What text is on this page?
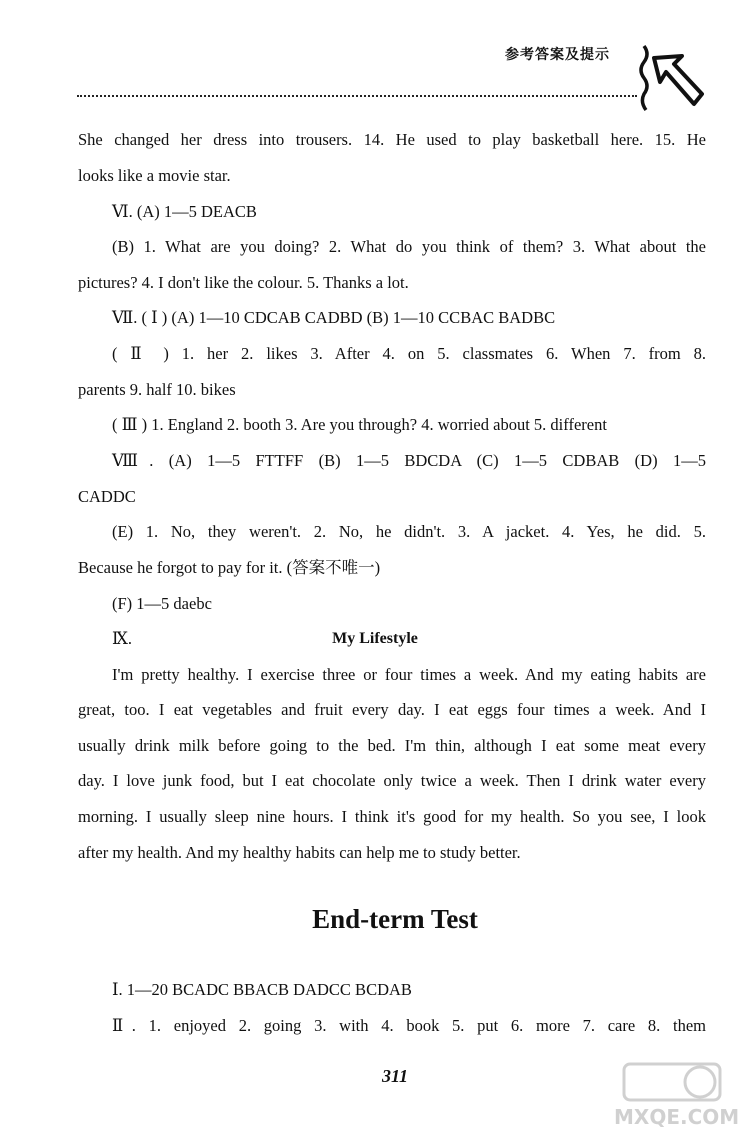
参考答案及提示
She changed her dress into trousers. 14. He used to play basketball here. 15. He
looks like a movie star.
Ⅵ. (A) 1—5 DEACB
(B) 1. What are you doing? 2. What do you think of them? 3. What about the
pictures? 4. I don't like the colour. 5. Thanks a lot.
Ⅶ. ( Ⅰ ) (A) 1—10 CDCAB CADBD (B) 1—10 CCBAC BADBC
( Ⅱ ) 1. her 2. likes 3. After 4. on 5. classmates 6. When 7. from 8.
parents 9. half 10. bikes
( Ⅲ ) 1. England 2. booth 3. Are you through? 4. worried about 5. different
Ⅷ. (A) 1—5 FTTFF (B) 1—5 BDCDA (C) 1—5 CDBAB (D) 1—5
CADDC
(E) 1. No, they weren't. 2. No, he didn't. 3. A jacket. 4. Yes, he did. 5.
Because he forgot to pay for it. (答案不唯一)
(F) 1—5 daebc
Ⅸ.	My Lifestyle
I'm pretty healthy. I exercise three or four times a week. And my eating habits are
great, too. I eat vegetables and fruit every day. I eat eggs four times a week. And I
usually drink milk before going to the bed. I'm thin, although I eat some meat every
day. I love junk food, but I eat chocolate only twice a week. Then I drink water every
morning. I usually sleep nine hours. I think it's good for my health. So you see, I look
after my health. And my healthy habits can help me to study better.
End-term Test
Ⅰ. 1—20 BCADC BBACB DADCC BCDAB
Ⅱ. 1. enjoyed 2. going 3. with 4. book 5. put 6. more 7. care 8. them
311
MXQE.COM
